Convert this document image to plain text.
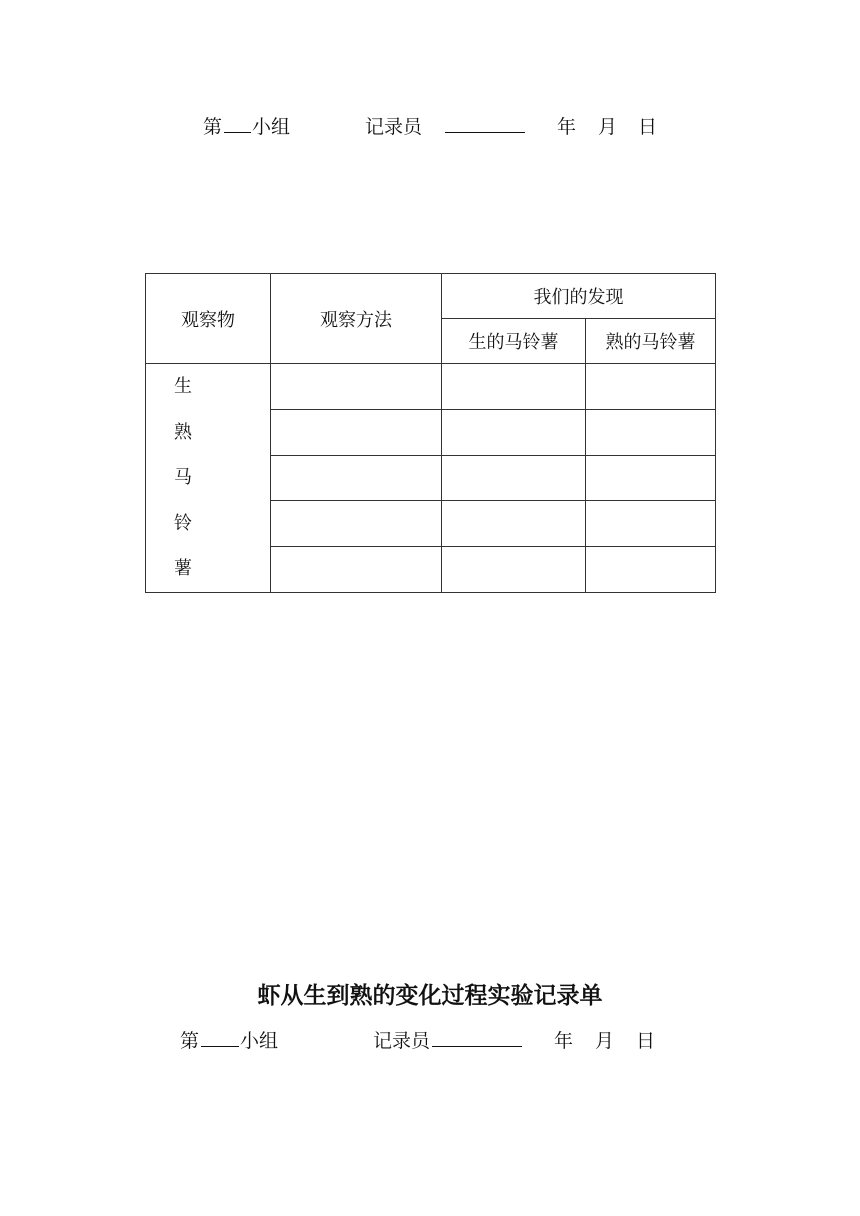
第 小组	记录员	年 月 日
观察物	观察方法	我们的发现	
		生的马铃薯	熟的马铃薯

生
熟
马
铃
薯			

虾从生到熟的变化过程实验记录单
第 小组	记录员	年 月 日
